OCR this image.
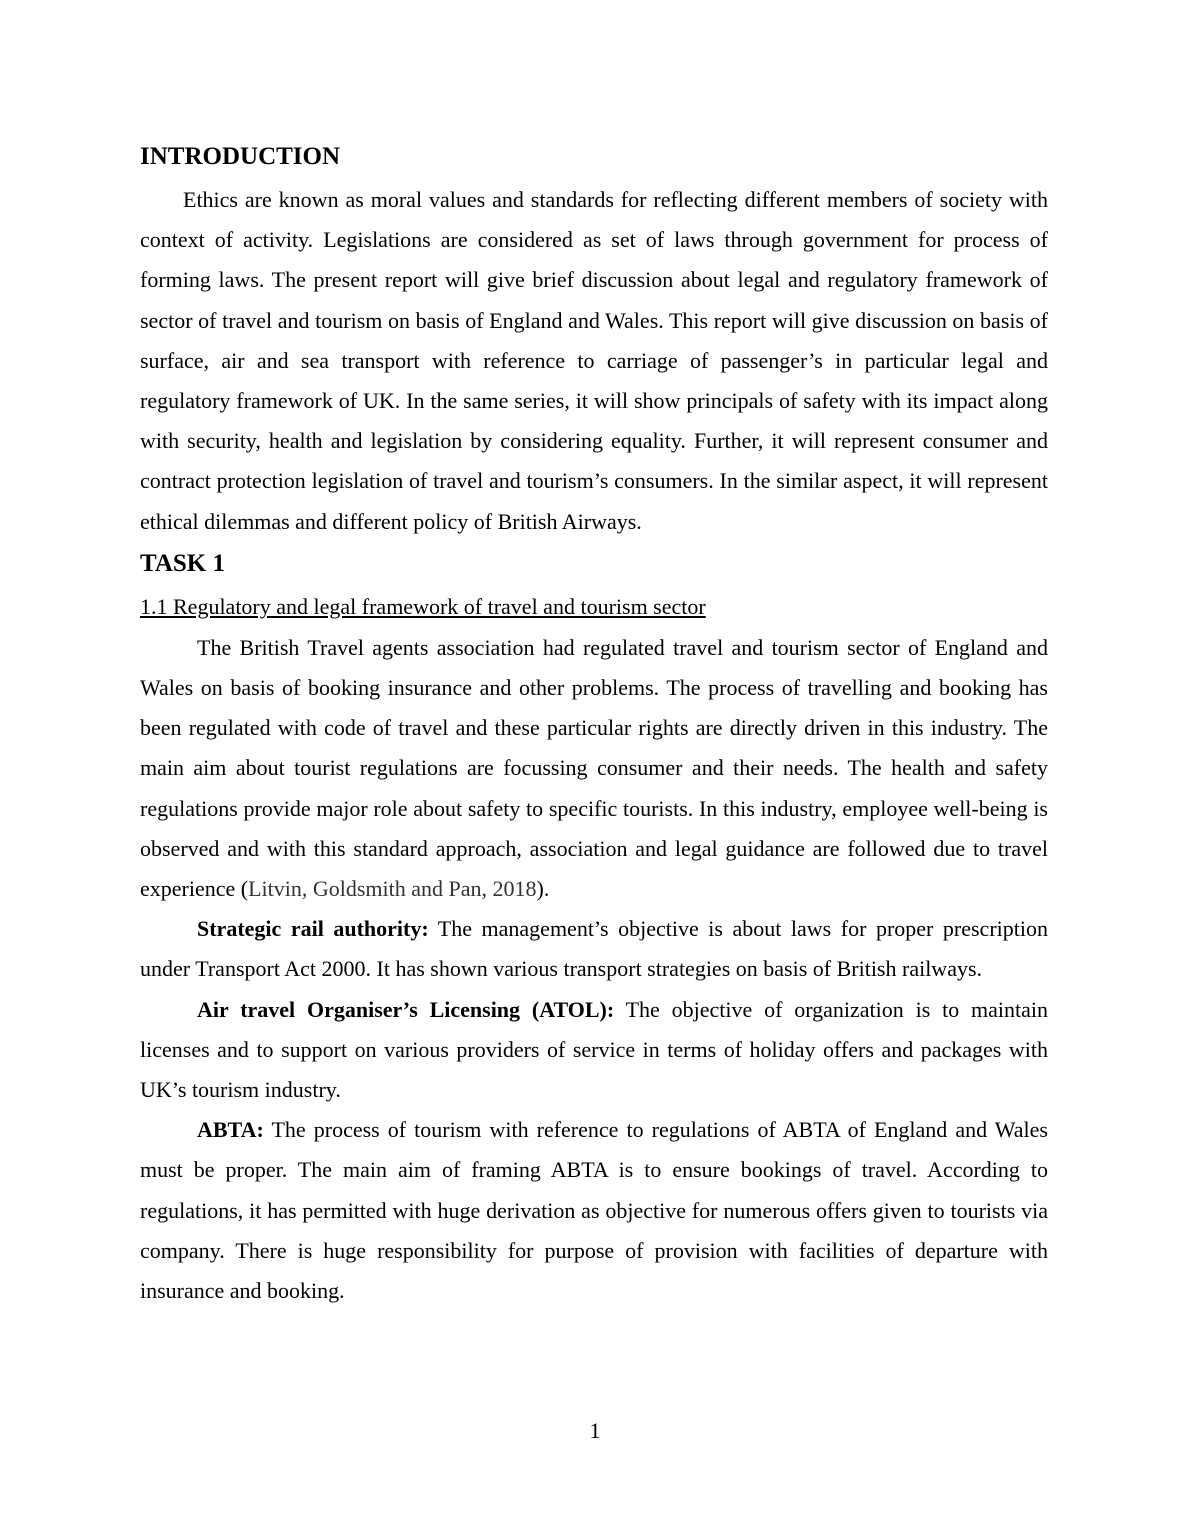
INTRODUCTION

Ethics are known as moral values and standards for reflecting different members of society with context of activity. Legislations are considered as set of laws through government for process of forming laws. The present report will give brief discussion about legal and regulatory framework of sector of travel and tourism on basis of England and Wales. This report will give discussion on basis of surface, air and sea transport with reference to carriage of passenger’s in particular legal and regulatory framework of UK. In the same series, it will show principals of safety with its impact along with security, health and legislation by considering equality. Further, it will represent consumer and contract protection legislation of travel and tourism’s consumers. In the similar aspect, it will represent ethical dilemmas and different policy of British Airways.

TASK 1
1.1 Regulatory and legal framework of travel and tourism sector

The British Travel agents association had regulated travel and tourism sector of England and Wales on basis of booking insurance and other problems. The process of travelling and booking has been regulated with code of travel and these particular rights are directly driven in this industry. The main aim about tourist regulations are focussing consumer and their needs. The health and safety regulations provide major role about safety to specific tourists. In this industry, employee well-being is observed and with this standard approach, association and legal guidance are followed due to travel experience (Litvin, Goldsmith and Pan, 2018).

Strategic rail authority: The management’s objective is about laws for proper prescription under Transport Act 2000. It has shown various transport strategies on basis of British railways.

Air travel Organiser’s Licensing (ATOL): The objective of organization is to maintain licenses and to support on various providers of service in terms of holiday offers and packages with UK’s tourism industry.

ABTA: The process of tourism with reference to regulations of ABTA of England and Wales must be proper. The main aim of framing ABTA is to ensure bookings of travel. According to regulations, it has permitted with huge derivation as objective for numerous offers given to tourists via company. There is huge responsibility for purpose of provision with facilities of departure with insurance and booking.

1
